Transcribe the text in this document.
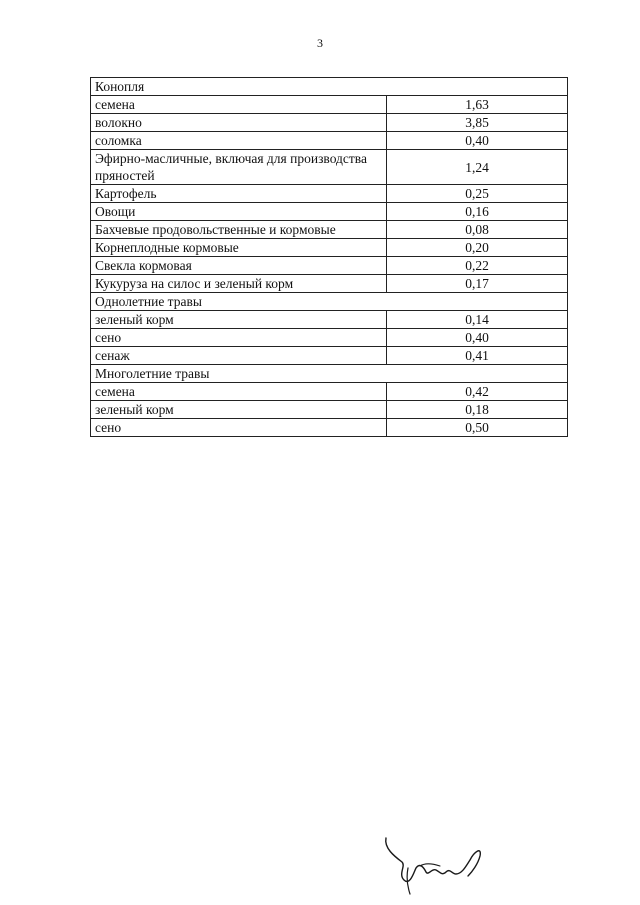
3
Конопля	
семена	1,63
волокно	3,85
соломка	0,40
Эфирно-масличные, включая для производства пряностей	1,24
Картофель	0,25
Овощи	0,16
Бахчевые продовольственные и кормовые	0,08
Корнеплодные кормовые	0,20
Свекла кормовая	0,22
Кукуруза на силос и зеленый корм	0,17
Однолетние травы	
зеленый корм	0,14
сено	0,40
сенаж	0,41
Многолетние травы	
семена	0,42
зеленый корм	0,18
сено	0,50
